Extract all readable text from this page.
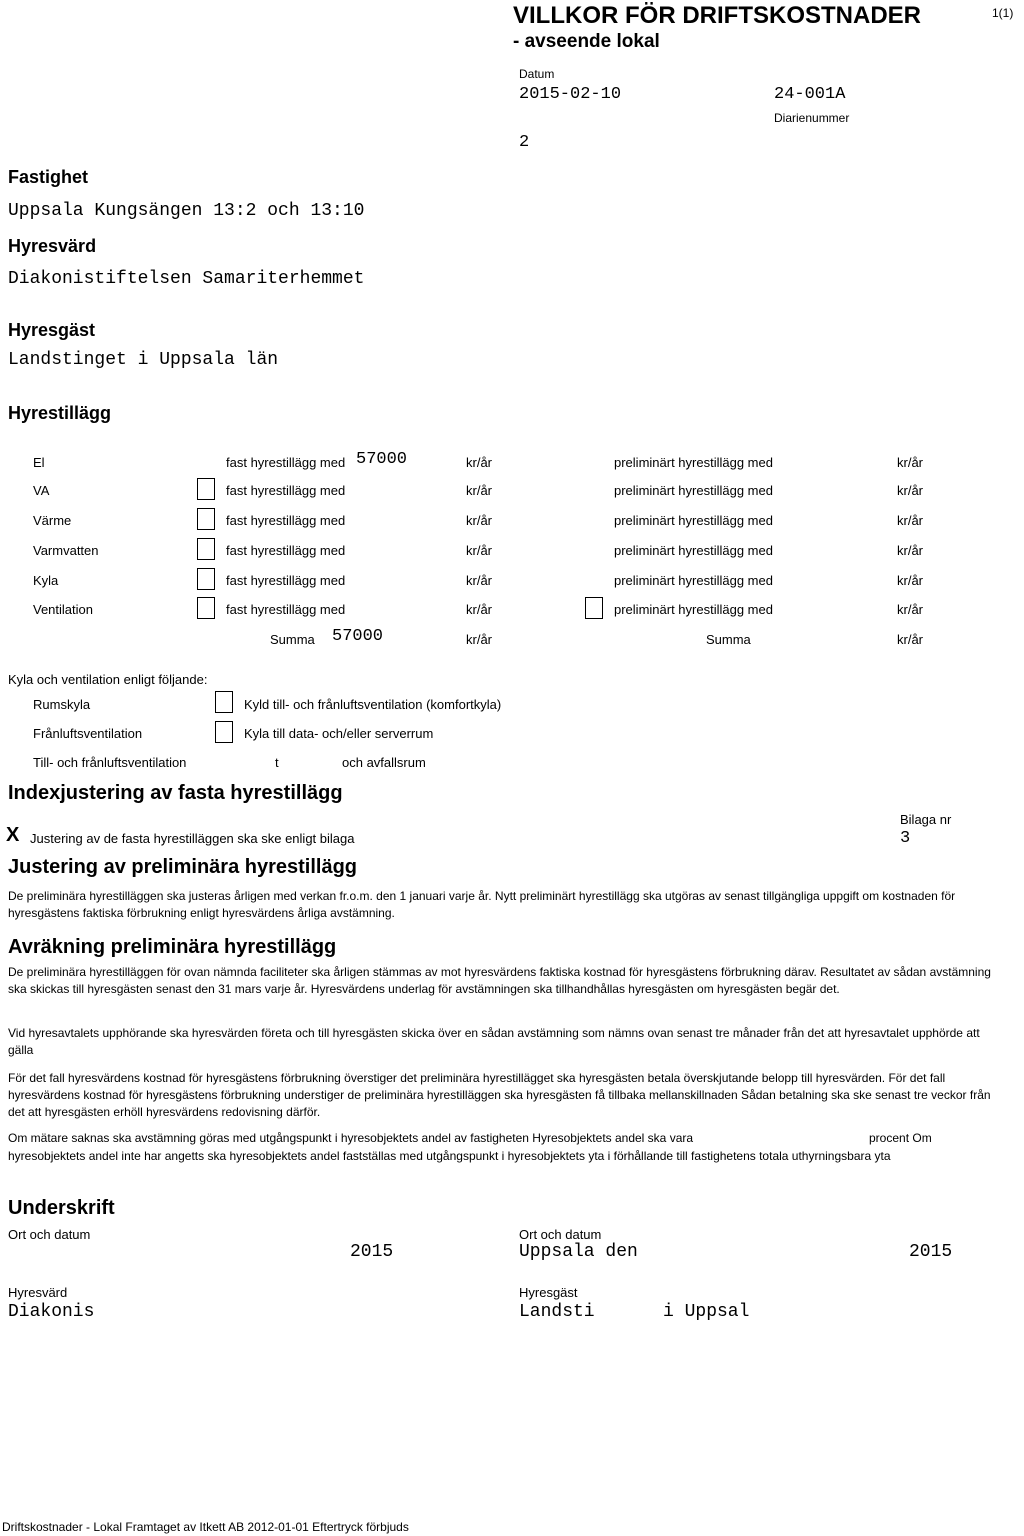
VILLKOR FÖR DRIFTSKOSTNADER
- avseende lokal
1(1)
Datum
2015-02-10	24-001A
Diarienummer
2
Fastighet
Uppsala Kungsängen 13:2 och 13:10
Hyresvärd
Diakonistiftelsen Samariterhemmet
Hyresgäst
Landstinget i Uppsala län
Hyrestillägg
El	fast hyrestillägg med 57000	kr/år	preliminärt hyrestillägg med	kr/år
VA	fast hyrestillägg med	kr/år	preliminärt hyrestillägg med	kr/år
Värme	fast hyrestillägg med	kr/år	preliminärt hyrestillägg med	kr/år
Varmvatten	fast hyrestillägg med	kr/år	preliminärt hyrestillägg med	kr/år
Kyla	fast hyrestillägg med	kr/år	preliminärt hyrestillägg med	kr/år
Ventilation	fast hyrestillägg med	kr/år	preliminärt hyrestillägg med	kr/år
Summa 57000	kr/år	Summa	kr/år
Kyla och ventilation enligt följande:
Rumskyla	Kyld till- och frånluftsventilation (komfortkyla)
Frånluftsventilation	Kyla till data- och/eller serverrum
Till- och frånluftsventilation	t	och avfallsrum
Indexjustering av fasta hyrestillägg
X Justering av de fasta hyrestilläggen ska ske enligt bilaga
Bilaga nr
3
Justering av preliminära hyrestillägg
De preliminära hyrestilläggen ska justeras årligen med verkan fr.o.m. den 1 januari varje år. Nytt preliminärt hyrestillägg ska utgöras av senast tillgängliga uppgift om kostnaden för hyresgästens faktiska förbrukning enligt hyresvärdens årliga avstämning.
Avräkning preliminära hyrestillägg
De preliminära hyrestilläggen för ovan nämnda faciliteter ska årligen stämmas av mot hyresvärdens faktiska kostnad för hyresgästens förbrukning därav. Resultatet av sådan avstämning ska skickas till hyresgästen senast den 31 mars varje år. Hyresvärdens underlag för avstämningen ska tillhandhållas hyresgästen om hyresgästen begär det.
Vid hyresavtalets upphörande ska hyresvärden företa och till hyresgästen skicka över en sådan avstämning som nämns ovan senast tre månader från det att hyresavtalet upphörde att gälla
För det fall hyresvärdens kostnad för hyresgästens förbrukning överstiger det preliminära hyrestillägget ska hyresgästen betala överskjutande belopp till hyresvärden. För det fall hyresvärdens kostnad för hyresgästens förbrukning understiger de preliminära hyrestilläggen ska hyresgästen få tillbaka mellanskillnaden Sådan betalning ska ske senast tre veckor från det att hyresgästen erhöll hyresvärdens redovisning därför.
Om mätare saknas ska avstämning göras med utgångspunkt i hyresobjektets andel av fastigheten Hyresobjektets andel ska vara	procent Om
hyresobjektets andel inte har angetts ska hyresobjektets andel fastställas med utgångspunkt i hyresobjektets yta i förhållande till fastighetens totala uthyrningsbara yta
Underskrift
Ort och datum
2015
Ort och datum
Uppsala den	2015
Hyresvärd
Diakonis
Hyresgäst
Landsti	i Uppsal
Driftskostnader - Lokal Framtaget av Itkett AB 2012-01-01 Eftertryck förbjuds
